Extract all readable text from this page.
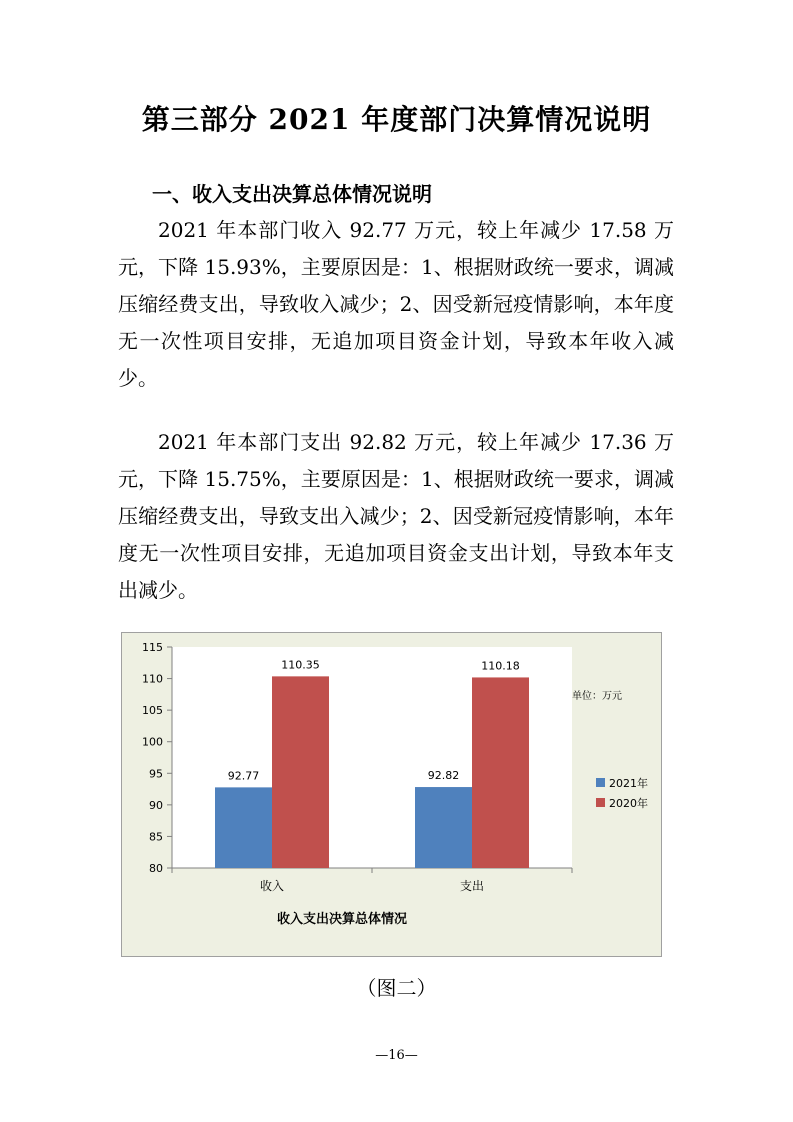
第三部分 2021 年度部门决算情况说明
一、收入支出决算总体情况说明
2021 年本部门收入 92.77 万元，较上年减少 17.58 万元，下降 15.93%，主要原因是：1、根据财政统一要求，调减压缩经费支出，导致收入减少；2、因受新冠疫情影响，本年度无一次性项目安排，无追加项目资金计划，导致本年收入减少。
2021 年本部门支出 92.82 万元，较上年减少 17.36 万元，下降 15.75%，主要原因是：1、根据财政统一要求，调减压缩经费支出，导致支出入减少；2、因受新冠疫情影响，本年度无一次性项目安排，无追加项目资金支出计划，导致本年支出减少。
80
85
90
95
100
105
110
115
92.77
110.35
收入
92.82
110.18
支出
单位：万元
2021年
2020年
收入支出决算总体情况
（图二）
—16—
